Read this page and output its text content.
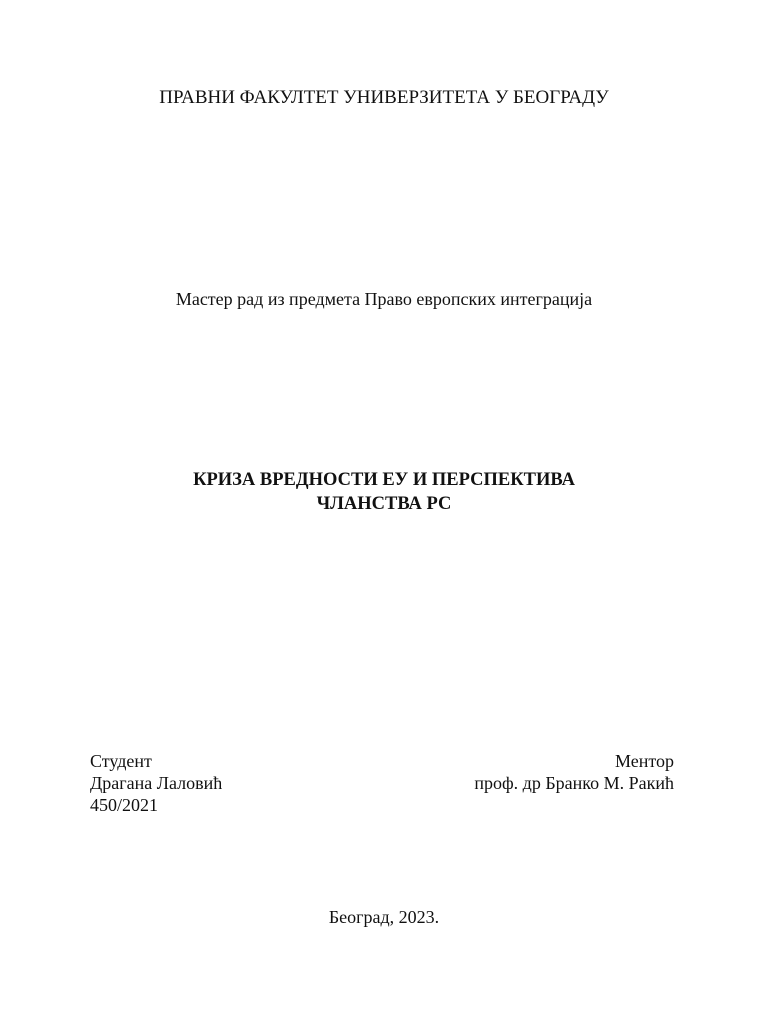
ПРАВНИ ФАКУЛТЕТ УНИВЕРЗИТЕТА У БЕОГРАДУ
Мастер рад из предмета Право европских интеграција
КРИЗА ВРЕДНОСТИ ЕУ И ПЕРСПЕКТИВА
ЧЛАНСТВА РС
Студент
Драгана Лаловић
450/2021
Ментор
проф. др Бранко М. Ракић
Београд, 2023.
